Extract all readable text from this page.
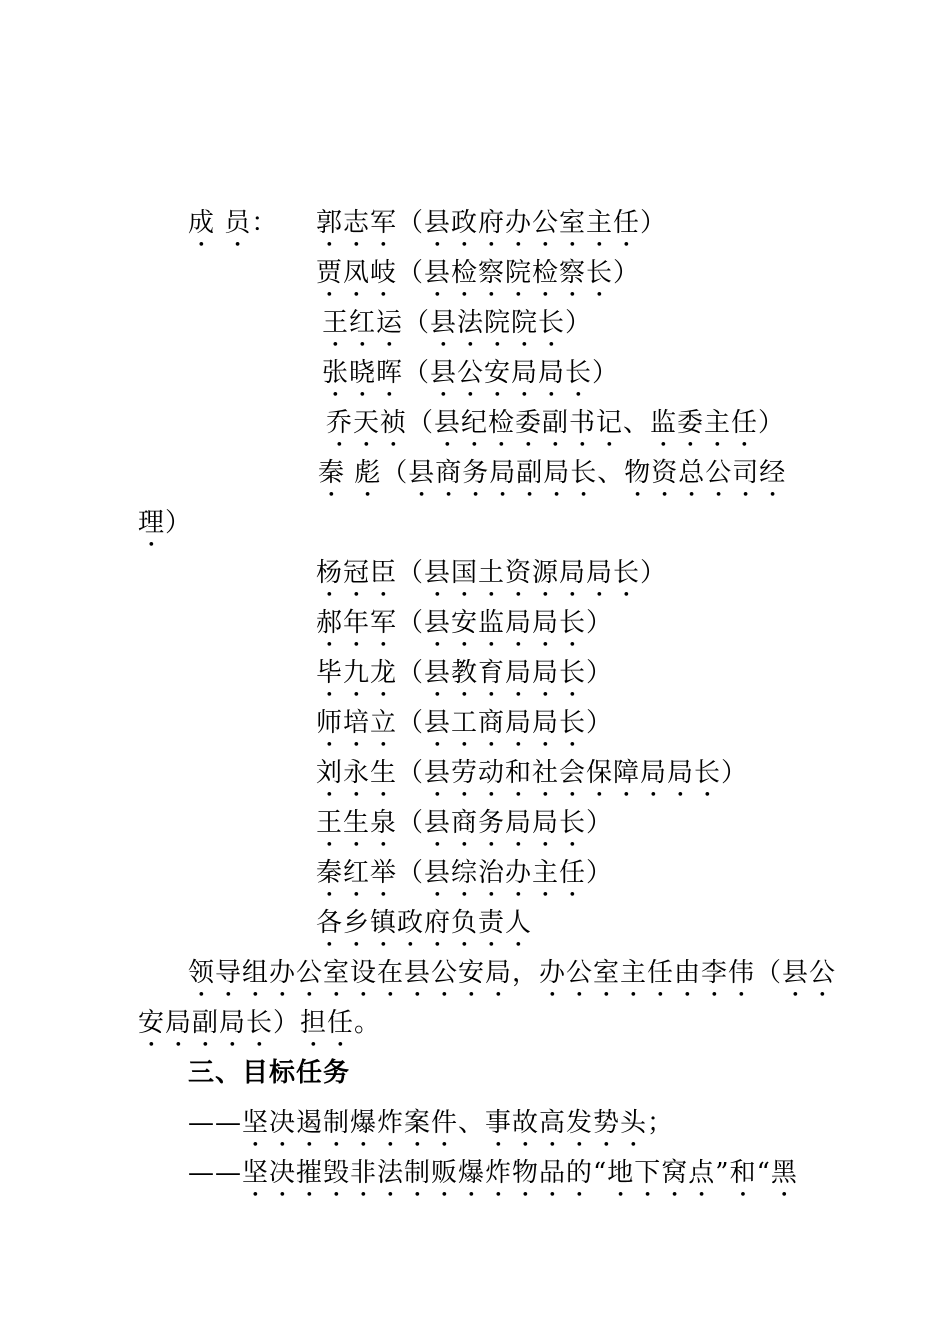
成 员： 郭志军（县政府办公室主任）
贾凤岐（县检察院检察长）
王红运（县法院院长）
张晓晖（县公安局局长）
乔天祯（县纪检委副书记、监委主任）
秦 彪（县商务局副局长、物资总公司经
理）
杨冠臣（县国土资源局局长）
郝年军（县安监局局长）
毕九龙（县教育局局长）
师培立（县工商局局长）
刘永生（县劳动和社会保障局局长）
王生泉（县商务局局长）
秦红举（县综治办主任）
各乡镇政府负责人
领导组办公室设在县公安局，办公室主任由李伟（县公
安局副局长）担任。
三、目标任务
——坚决遏制爆炸案件、事故高发势头；
——坚决摧毁非法制贩爆炸物品的“地下窝点”和“黑
